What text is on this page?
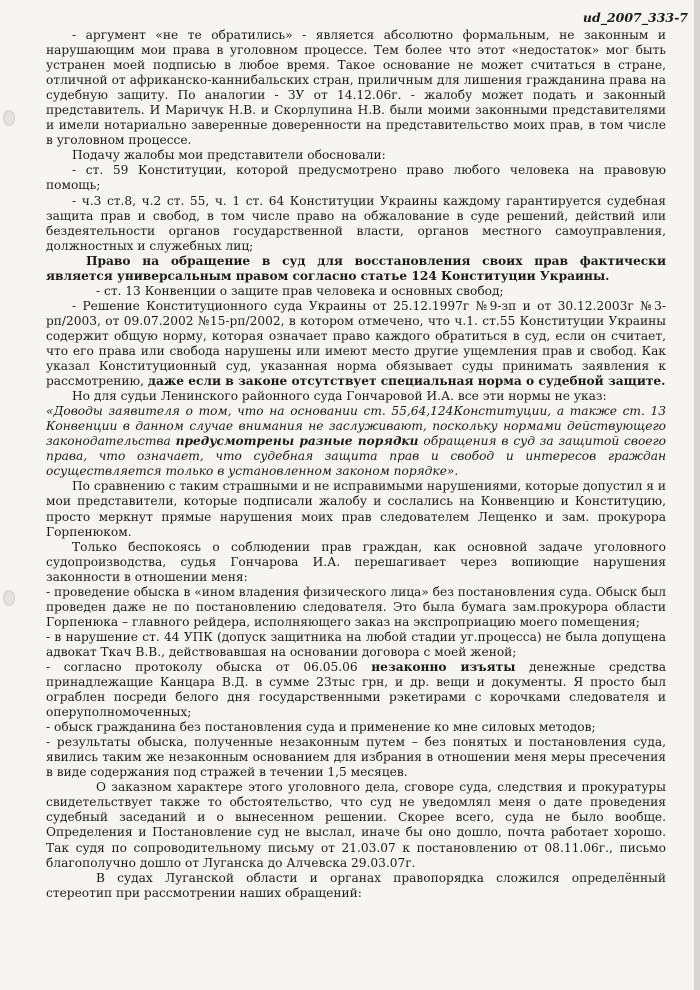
ud_2007_333-7

- аргумент «не те обратились» - является абсолютно формальным, не законным и нарушающим мои права в уголовном процессе. Тем более что этот «недостаток» мог быть устранен моей подписью в любое время. Такое основание не может считаться в стране, отличной от африканско-каннибальских стран, приличным для лишения гражданина права на судебную защиту. По аналогии - ЗУ от 14.12.06г. - жалобу может подать и законный представитель. И Маричук Н.В. и Скорлупина Н.В. были моими законными представителями и имели нотариально заверенные доверенности на представительство моих прав, в том числе в уголовном процессе.

Подачу жалобы мои представители обосновали:

- ст. 59 Конституции, которой предусмотрено право любого человека на правовую помощь;

- ч.3 ст.8, ч.2 ст. 55, ч. 1 ст. 64 Конституции Украины каждому гарантируется судебная защита прав и свобод, в том числе право на обжалование в суде решений, действий или бездеятельности органов государственной власти, органов местного самоуправления, должностных и служебных лиц;

Право на обращение в суд для восстановления своих прав фактически является универсальным правом согласно статье 124 Конституции Украины.

- ст. 13 Конвенции о защите прав человека и основных свобод;

- Решение Конституционного суда Украины от 25.12.1997г №9-зп и от 30.12.2003г №3-рп/2003, от 09.07.2002 №15-рп/2002, в котором отмечено, что ч.1. ст.55 Конституции Украины содержит общую норму, которая означает право каждого обратиться в суд, если он считает, что его права или свобода нарушены или имеют место другие ущемления прав и свобод. Как указал Конституционный суд, указанная норма обязывает суды принимать заявления к рассмотрению, даже если в законе отсутствует специальная норма о судебной защите.

Но для судьи Ленинского районного суда Гончаровой И.А. все эти нормы не указ:

«Доводы заявителя о том, что на основании ст. 55,64,124Конституции, а также ст. 13 Конвенции в данном случае внимания не заслуживают, поскольку нормами действующего законодательства предусмотрены разные порядки обращения в суд за защитой своего права, что означает, что судебная защита прав и свобод и интересов граждан осуществляется только в установленном законом порядке».

По сравнению с таким страшными и не исправимыми нарушениями, которые допустил я и мои представители, которые подписали жалобу и сослались на Конвенцию и Конституцию, просто меркнут прямые нарушения моих прав следователем Лещенко и зам. прокурора Горпенюком.

Только беспокоясь о соблюдении прав граждан, как основной задаче уголовного судопроизводства, судья Гончарова И.А. перешагивает через вопиющие нарушения законности в отношении меня:

- проведение обыска в «ином владения физического лица» без постановления суда. Обыск был проведен даже не по постановлению следователя. Это была бумага зам.прокурора области Горпенюка – главного рейдера, исполняющего заказ на экспроприацию моего помещения;

- в нарушение ст. 44 УПК (допуск защитника на любой стадии уг.процесса) не была допущена адвокат Ткач В.В., действовавшая на основании договора с моей женой;

- согласно протоколу обыска от 06.05.06 незаконно изъяты денежные средства принадлежащие Канцара В.Д. в сумме 23тыс грн, и др. вещи и документы. Я просто был ограблен посреди белого дня государственными рэкетирами с корочками следователя и оперуполномоченных;

- обыск гражданина без постановления суда и применение ко мне силовых методов;

- результаты обыска, полученные незаконным путем – без понятых и постановления суда, явились таким же незаконным основанием для избрания в отношении меня меры пресечения в виде содержания под стражей в течении 1,5 месяцев.

О заказном характере этого уголовного дела, сговоре суда, следствия и прокуратуры свидетельствует также то обстоятельство, что суд не уведомлял меня о дате проведения судебный заседаний и о вынесенном решении. Скорее всего, суда не было вообще. Определения и Постановление суд не выслал, иначе бы оно дошло, почта работает хорошо. Так судя по сопроводительному письму от 21.03.07 к постановлению от 08.11.06г., письмо благополучно дошло от Луганска до Алчевска 29.03.07г.

В судах Луганской области и органах правопорядка сложился определённый стереотип при рассмотрении наших обращений:
